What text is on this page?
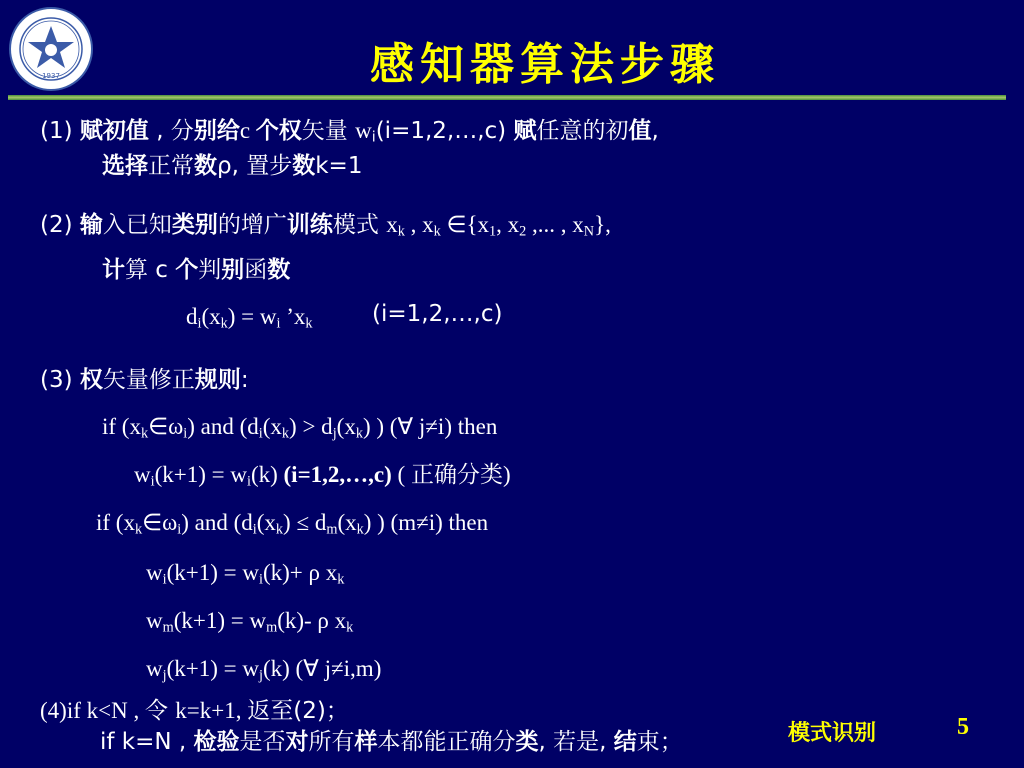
1937	感知器算法步骤
(1) 赋初值 , 分别给c 个权矢量 $w_i(i=1,2,\dots,c)$ 赋任意的初值,
选择正常数ρ, 置步数k=1
(2) 输入已知类别的增广训练模式 $x_k$ , $x_k$ $\in\{x_1$, $x_2$ ,... , $x_N$},
计算 c 个判别函数
$d_i(x_k) = w_i$ $’x_k$	(i=1,2,…,c)
(3) 权矢量修正规则:
if $(x_k\in\omega_i)$ and ($d_i(x_k) > d_j(x_k)$ ) (∀ j≠i) then
$w_i(k+1) = w_i(k)$ (i=1,2,…,c) ( 正确分类)
if $(x_k\in\omega_i)$ and ($d_i(x_k) \le d_m(x_k)$ ) (m≠i) then
$w_i(k+1) = w_i(k)+ \rho$ $x_k$
$w_m(k+1) = w_m(k)-$ ρ $x_k$
$w_j(k+1) = w_j(k)$ (∀ j≠i,m)
(4)if k<N , 令 k=k+1, 返至(2)；
if k=N , 检验是否对所有样本都能正确分类, 若是, 结束；	模式识别	5
